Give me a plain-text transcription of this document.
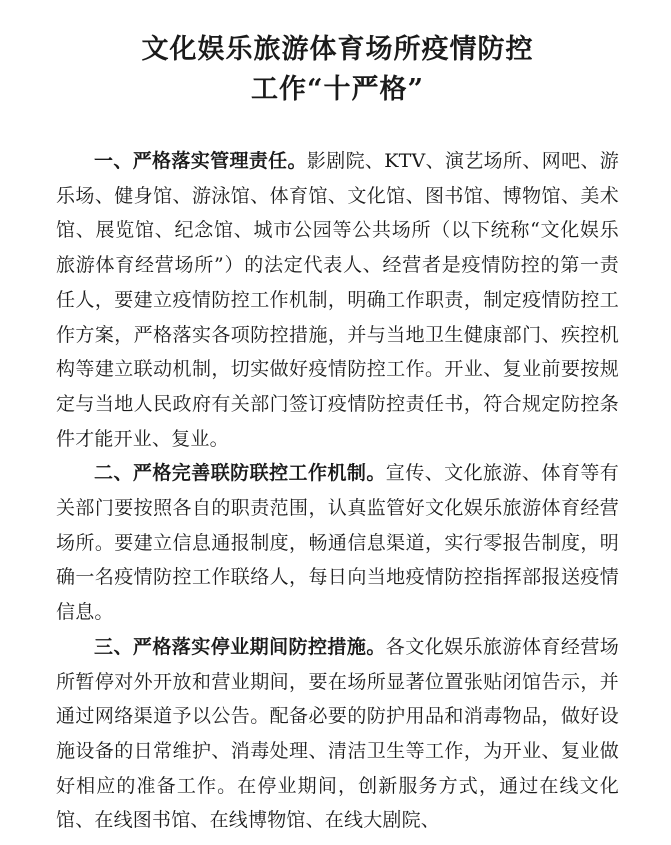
文化娱乐旅游体育场所疫情防控
工作“十严格”

一、严格落实管理责任。影剧院、KTV、演艺场所、网吧、游乐场、健身馆、游泳馆、体育馆、文化馆、图书馆、博物馆、美术馆、展览馆、纪念馆、城市公园等公共场所（以下统称“文化娱乐旅游体育经营场所”）的法定代表人、经营者是疫情防控的第一责任人，要建立疫情防控工作机制，明确工作职责，制定疫情防控工作方案，严格落实各项防控措施，并与当地卫生健康部门、疾控机构等建立联动机制，切实做好疫情防控工作。开业、复业前要按规定与当地人民政府有关部门签订疫情防控责任书，符合规定防控条件才能开业、复业。

二、严格完善联防联控工作机制。宣传、文化旅游、体育等有关部门要按照各自的职责范围，认真监管好文化娱乐旅游体育经营场所。要建立信息通报制度，畅通信息渠道，实行零报告制度，明确一名疫情防控工作联络人，每日向当地疫情防控指挥部报送疫情信息。

三、严格落实停业期间防控措施。各文化娱乐旅游体育经营场所暂停对外开放和营业期间，要在场所显著位置张贴闭馆告示，并通过网络渠道予以公告。配备必要的防护用品和消毒物品，做好设施设备的日常维护、消毒处理、清洁卫生等工作，为开业、复业做好相应的准备工作。在停业期间，创新服务方式，通过在线文化馆、在线图书馆、在线博物馆、在线大剧院、
